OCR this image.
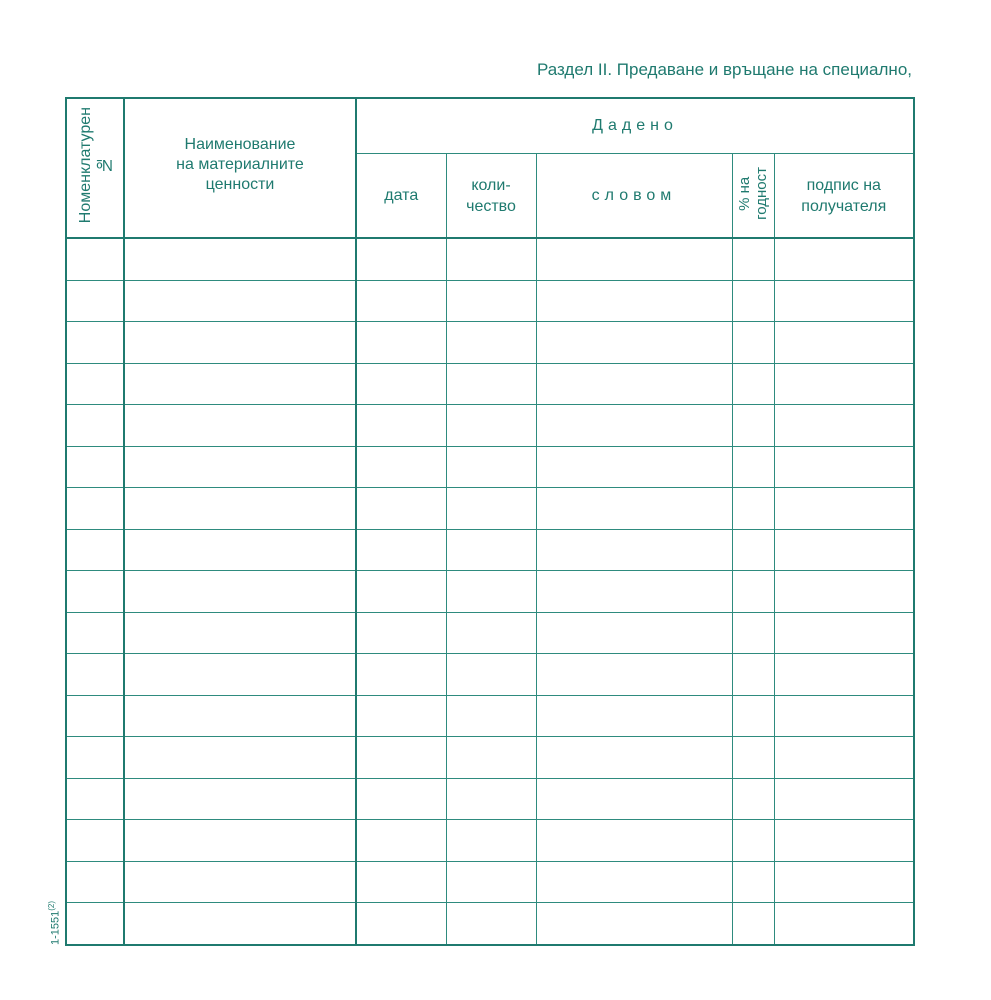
Раздел II. Предаване и връщане на специално,
1-1551$^{(2)}$
Номенклатурен №	Наименование
на материалните
ценности	Дадено				
		дата	коли-
чество	словом	% на
годност	подпис на
получателя
